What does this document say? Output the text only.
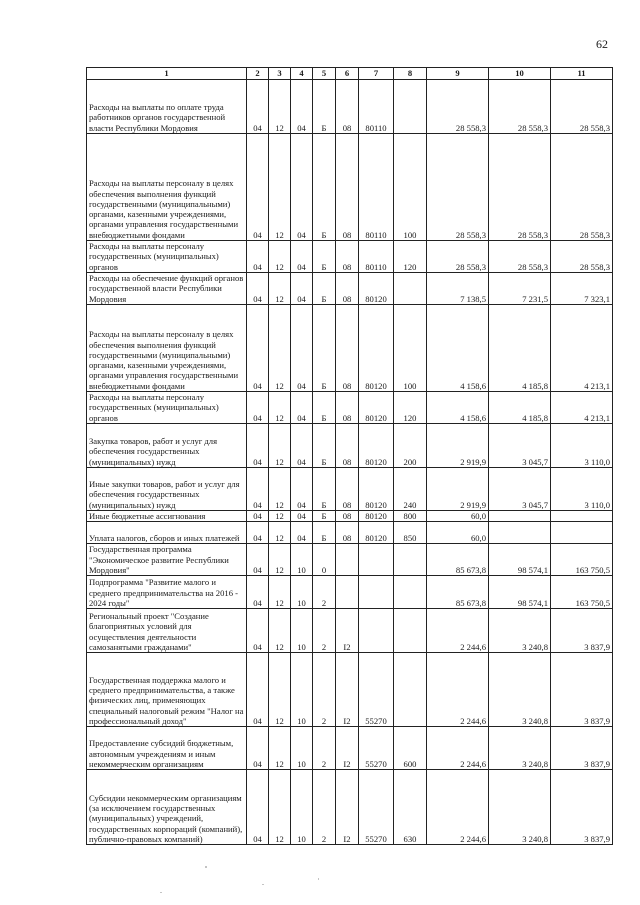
62
1	2	3	4	5	6	7	8	9	10	11
Расходы на выплаты по оплате труда работников органов государственной власти Республики Мордовия	04	12	04	Б	08	80110		28 558,3	28 558,3	28 558,3
Расходы на выплаты персоналу в целях обеспечения выполнения функций государственными (муниципальными) органами, казенными учреждениями, органами управления государственными внебюджетными фондами	04	12	04	Б	08	80110	100	28 558,3	28 558,3	28 558,3
Расходы на выплаты персоналу государственных (муниципальных) органов	04	12	04	Б	08	80110	120	28 558,3	28 558,3	28 558,3
Расходы на обеспечение функций органов государственной власти Республики Мордовия	04	12	04	Б	08	80120		7 138,5	7 231,5	7 323,1
Расходы на выплаты персоналу в целях обеспечения выполнения функций государственными (муниципальными) органами, казенными учреждениями, органами управления государственными внебюджетными фондами	04	12	04	Б	08	80120	100	4 158,6	4 185,8	4 213,1
Расходы на выплаты персоналу государственных (муниципальных) органов	04	12	04	Б	08	80120	120	4 158,6	4 185,8	4 213,1
Закупка товаров, работ и услуг для обеспечения государственных (муниципальных) нужд	04	12	04	Б	08	80120	200	2 919,9	3 045,7	3 110,0
Иные закупки товаров, работ и услуг для обеспечения государственных (муниципальных) нужд	04	12	04	Б	08	80120	240	2 919,9	3 045,7	3 110,0
Иные бюджетные ассигнования	04	12	04	Б	08	80120	800	60,0		
Уплата налогов, сборов и иных платежей	04	12	04	Б	08	80120	850	60,0		
Государственная программа "Экономическое развитие Республики Мордовия"	04	12	10	0				85 673,8	98 574,1	163 750,5
Подпрограмма "Развитие малого и среднего предпринимательства на 2016 - 2024 годы"	04	12	10	2				85 673,8	98 574,1	163 750,5
Региональный проект "Создание благоприятных условий для осуществления деятельности самозанятыми гражданами"	04	12	10	2	I2			2 244,6	3 240,8	3 837,9
Государственная поддержка малого и среднего предпринимательства, а также физических лиц, применяющих специальный налоговый режим "Налог на профессиональный доход"	04	12	10	2	I2	55270		2 244,6	3 240,8	3 837,9
Предоставление субсидий бюджетным, автономным учреждениям и иным некоммерческим организациям	04	12	10	2	I2	55270	600	2 244,6	3 240,8	3 837,9
Субсидии некоммерческим организациям (за исключением государственных (муниципальных) учреждений, государственных корпораций (компаний), публично-правовых компаний)	04	12	10	2	I2	55270	630	2 244,6	3 240,8	3 837,9
